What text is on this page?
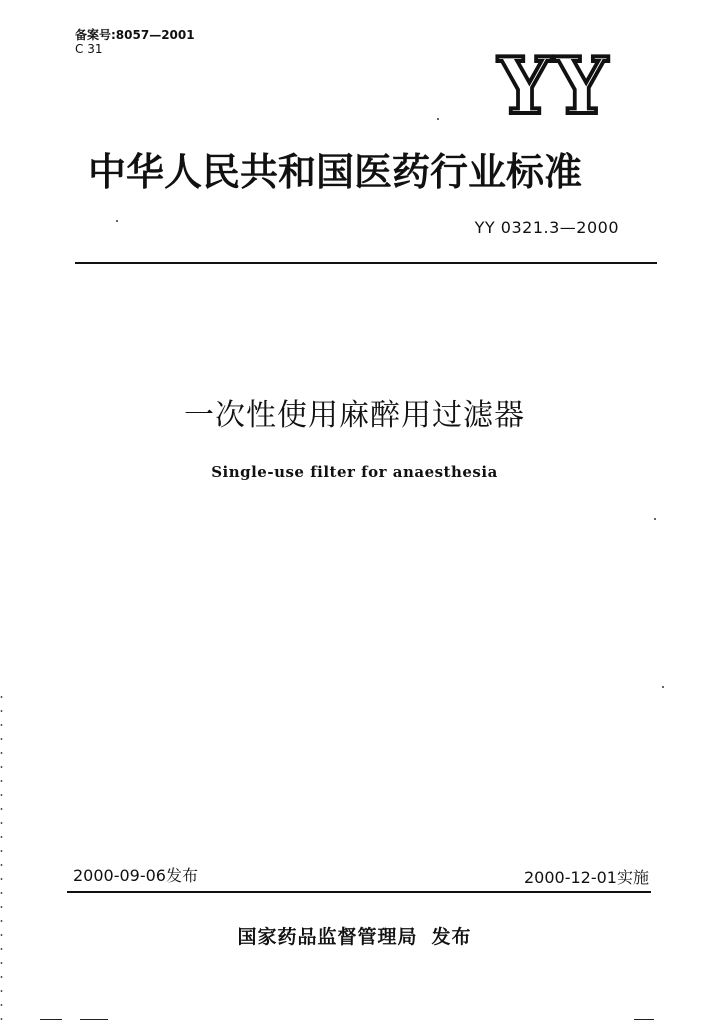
备案号:8057—2001
C 31	YY
中华人民共和国医药行业标准
YY 0321.3—2000
一次性使用麻醉用过滤器
Single-use filter for anaesthesia
2000-09-06发布	2000-12-01实施
国家药品监督管理局 发布
